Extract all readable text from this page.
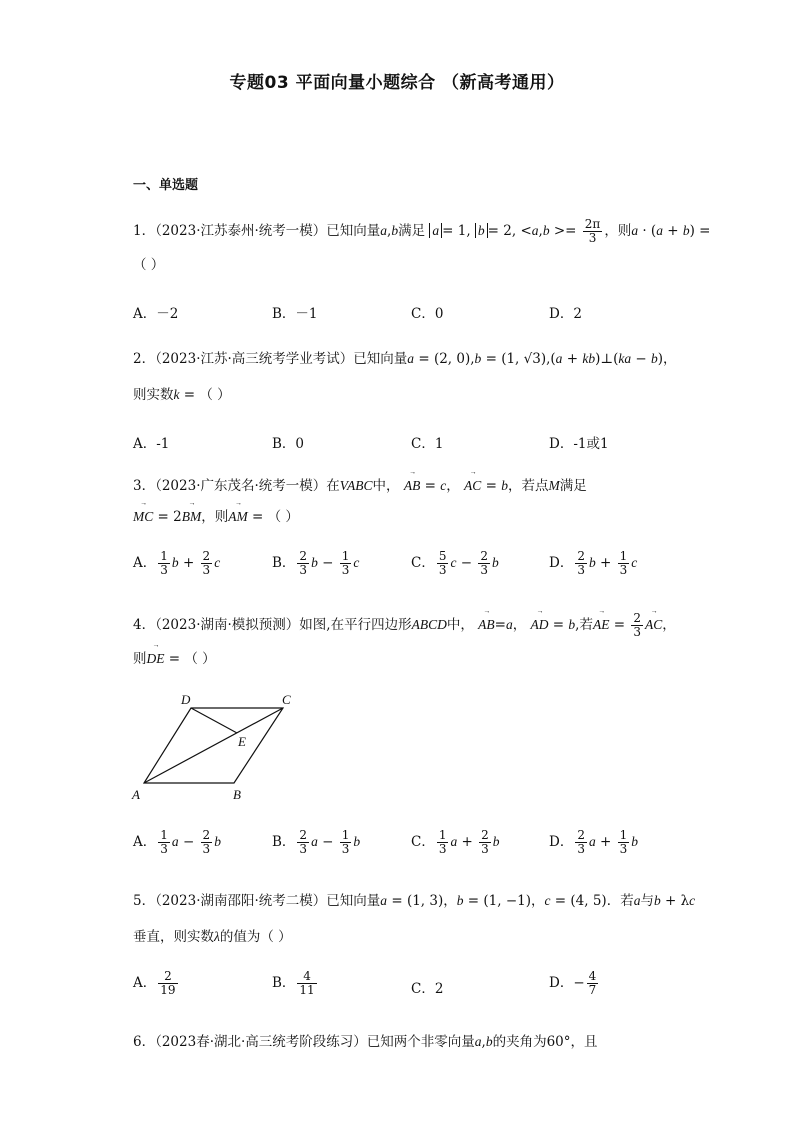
专题03 平面向量小题综合 （新高考通用）
一、单选题
1．（2023·江苏泰州·统考一模）已知向量a,b满足 a = 1, b = 2, $<a,b >= \frac{2\pi}{3}$ ，则a · (a + b) =
（ ）
A．－2	B．－1	C．0	D．2
2．（2023·江苏·高三统考学业考试）已知向量a = (2, 0),b = (1, √3),(a + kb)⊥(ka − b)，
则实数k = （ ）
A．-1	B．0	C．1	D．-1或1
3．（2023·广东茂名·统考一模）在VABC中，
→
AB = c，
→
AC = b，若点M满足
→
MC = 2
→
BM，则
→
AM = （ ）
A． $\frac{1}{3}$ $b + \frac{2}{3}$ c	B． $\frac{2}{3}$ $b - \frac{1}{3}$ c	C． $\frac{5}{3}$ $c - \frac{2}{3}$ b	D． $\frac{2}{3}$ $b + \frac{1}{3}$ c
4．（2023·湖南·模拟预测）如图,在平行四边形ABCD中，
→
AB=a，
→
AD = b,若
→
AE = $\frac{2}{3}$
→
AC，
则
→
DE = （ ）
D	C
E
A	B
A． $\frac{1}{3}$ $a - \frac{2}{3}$ b	B． $\frac{2}{3}$ $a - \frac{1}{3}$ b	C． $\frac{1}{3}$ $a + \frac{2}{3}$ b	D． $\frac{2}{3}$ $a + \frac{1}{3}$ b
5．（2023·湖南邵阳·统考二模）已知向量a = (1, 3)，b = (1, −1)，c = (4, 5)．若a与b + λc
垂直，则实数λ的值为（ ）
A． $\frac{2}{19}$	B． $\frac{4}{11}$	C．2	D．− $\frac{4}{7}$
6．（2023春·湖北·高三统考阶段练习）已知两个非零向量a,b的夹角为60°，且
